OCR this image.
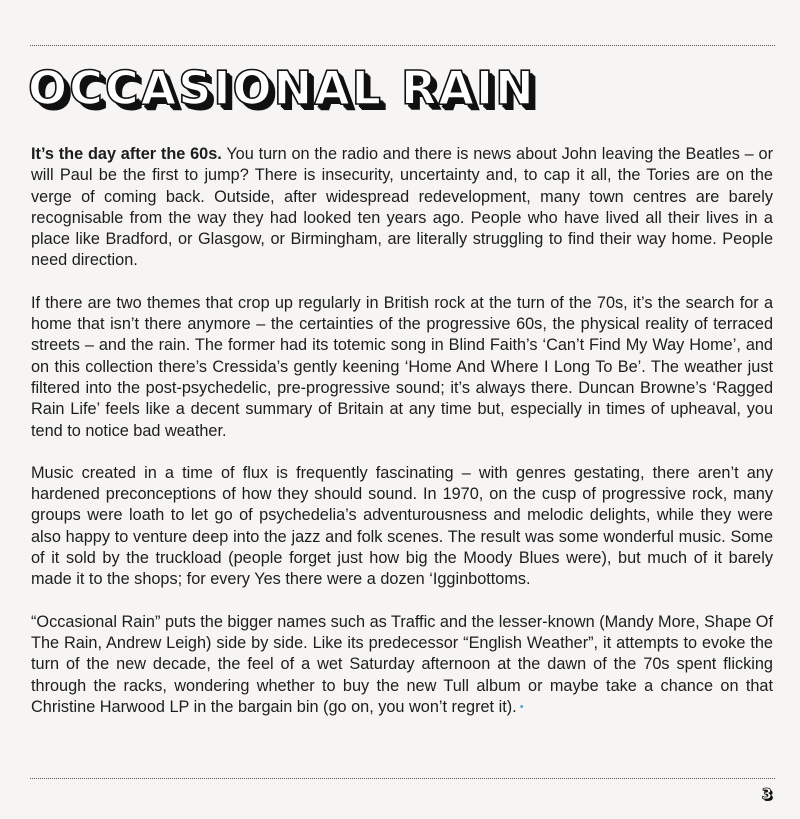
OCCASIONAL RAIN

It’s the day after the 60s. You turn on the radio and there is news about John leaving the Beatles – or will Paul be the first to jump? There is insecurity, uncertainty and, to cap it all, the Tories are on the verge of coming back. Outside, after widespread redevelopment, many town centres are barely recognisable from the way they had looked ten years ago. People who have lived all their lives in a place like Bradford, or Glasgow, or Birmingham, are literally struggling to find their way home. People need direction.

If there are two themes that crop up regularly in British rock at the turn of the 70s, it’s the search for a home that isn’t there anymore – the certainties of the progressive 60s, the physical reality of terraced streets – and the rain. The former had its totemic song in Blind Faith’s ‘Can’t Find My Way Home’, and on this collection there’s Cressida’s gently keening ‘Home And Where I Long To Be’. The weather just filtered into the post-psychedelic, pre-progressive sound; it’s always there. Duncan Browne’s ‘Ragged Rain Life’ feels like a decent summary of Britain at any time but, especially in times of upheaval, you tend to notice bad weather.

Music created in a time of flux is frequently fascinating – with genres gestating, there aren’t any hardened preconceptions of how they should sound. In 1970, on the cusp of progressive rock, many groups were loath to let go of psychedelia’s adventurousness and melodic delights, while they were also happy to venture deep into the jazz and folk scenes. The result was some wonderful music. Some of it sold by the truckload (people forget just how big the Moody Blues were), but much of it barely made it to the shops; for every Yes there were a dozen ‘Igginbottoms.

“Occasional Rain” puts the bigger names such as Traffic and the lesser-known (Mandy More, Shape Of The Rain, Andrew Leigh) side by side. Like its predecessor “English Weather”, it attempts to evoke the turn of the new decade, the feel of a wet Saturday afternoon at the dawn of the 70s spent flicking through the racks, wondering whether to buy the new Tull album or maybe take a chance on that Christine Harwood LP in the bargain bin (go on, you won’t regret it). •

3
